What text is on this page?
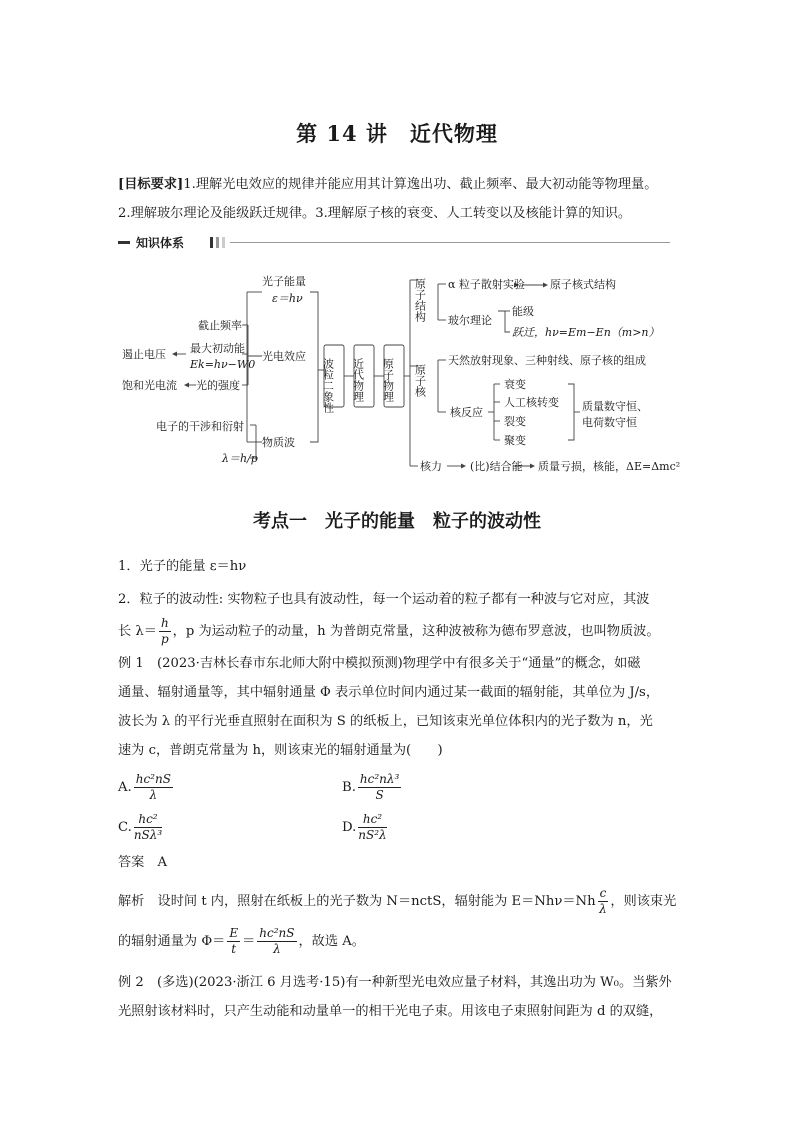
第 14 讲　近代物理
[目标要求]1.理解光电效应的规律并能应用其计算逸出功、截止频率、最大初动能等物理量。
2.理解玻尔理论及能级跃迁规律。3.理解原子核的衰变、人工转变以及核能计算的知识。
知识体系
光子能量
ε＝hν
截止频率
最大初动能
Ek=hν−W0
遏止电压
饱和光电流 光的强度
光电效应
电子的干涉和衍射
λ＝h/p
物质波
波粒二象性 近代物理 原子物理
原子结构 α 粒子散射实验 原子核式结构
玻尔理论
能级
跃迁，hν=Em−En（m>n）
原子核
天然放射现象、三种射线、原子核的组成
核反应
衰变
人工核转变
裂变
聚变
质量数守恒、
电荷数守恒
核力	(比)结合能 质量亏损，核能，ΔE=Δmc²
考点一　光子的能量　粒子的波动性
1．光子的能量 ε＝hν
2．粒子的波动性: 实物粒子也具有波动性，每一个运动着的粒子都有一种波与它对应，其波
长 $\lambda= \frac{h}{p}$ ，p 为运动粒子的动量，h 为普朗克常量，这种波被称为德布罗意波，也叫物质波。
例 1　(2023·吉林长春市东北师大附中模拟预测)物理学中有很多关于“通量”的概念，如磁
通量、辐射通量等，其中辐射通量 Φ 表示单位时间内通过某一截面的辐射能，其单位为 J/s，
波长为 λ 的平行光垂直照射在面积为 S 的纸板上，已知该束光单位体积内的光子数为 n，光
速为 c，普朗克常量为 h，则该束光的辐射通量为(　　)
A. $\frac{\text{hc²nS}}{\lambda}$	B. $\frac{\text{hc²nλ³}}{S}$
C. $\frac{\text{hc²}}{\text{nSλ³}}$	D. $\frac{\text{hc²}}{\text{nS²λ}}$
答案　A
解析　设时间 t 内，照射在纸板上的光子数为 N＝nctS，辐射能为 $E=Nh\nu=Nh \frac{c}{\lambda}$ ，则该束光
的辐射通量为 $\Phi= \frac{E}{t} = \frac{\text{hc²nS}}{\lambda}$ ，故选 A。
例 2　(多选)(2023·浙江 6 月选考·15)有一种新型光电效应量子材料，其逸出功为 W₀。当紫外
光照射该材料时，只产生动能和动量单一的相干光电子束。用该电子束照射间距为 d 的双缝，
